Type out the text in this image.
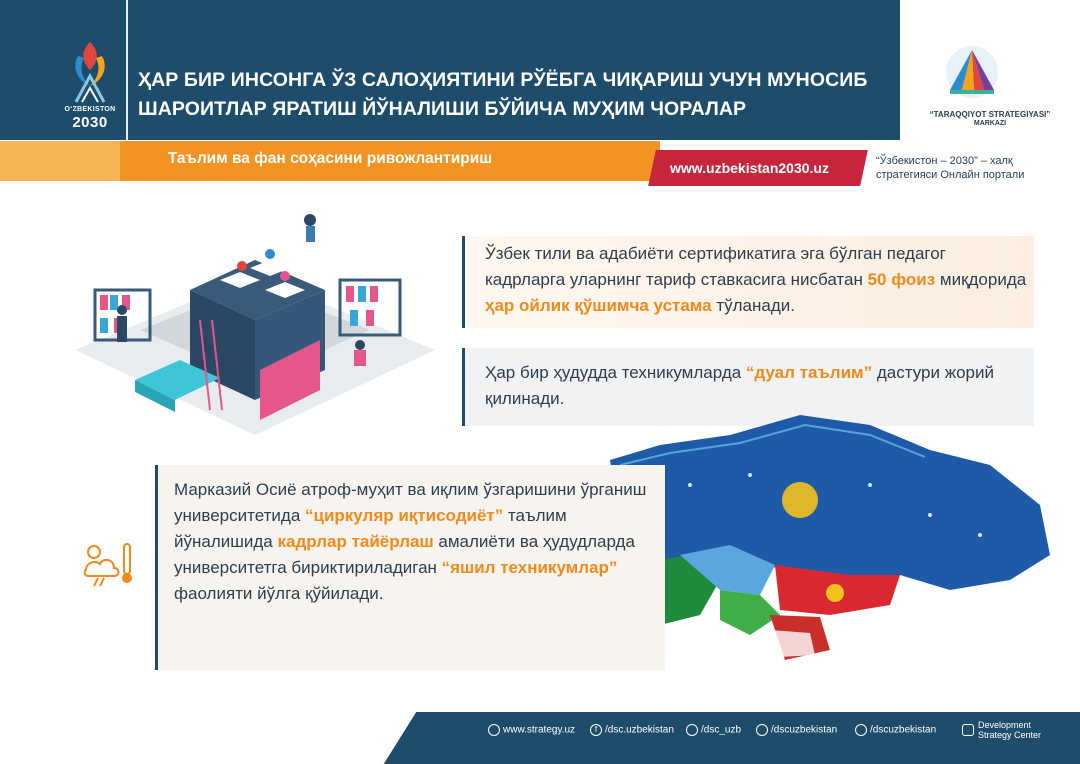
OʻZBEKISTON
2030
ҲАР БИР ИНСОНГА ЎЗ САЛОҲИЯТИНИ РЎЁБГА ЧИҚАРИШ УЧУН МУНОСИБ
ШАРОИТЛАР ЯРАТИШ ЙЎНАЛИШИ БЎЙИЧА МУҲИМ ЧОРАЛАР	“TARAQQIYOT STRATEGIYASI”
MARKAZI
Таълим ва фан соҳасини ривожлантириш
www.uzbekistan2030.uz	“Ўзбекистон – 2030” – халқ стратегияси Онлайн портали
Ўзбек тили ва адабиёти сертификатига эга бўлган педагог кадрларга уларнинг тариф ставкасига нисбатан 50 фоиз миқдорида ҳар ойлик қўшимча устама тўланади.
Ҳар бир ҳудудда техникумларда “дуал таълим” дастури жорий қилинади.
Марказий Осиё атроф-муҳит ва иқлим ўзгаришини ўрганиш университетида “циркуляр иқтисодиёт” таълим йўналишида кадрлар тайёрлаш амалиёти ва ҳудудларда университетга бириктириладиган “яшил техникумлар” фаолияти йўлга қўйилади.
www.strategy.uz	f /dsc.uzbekistan	/dsc_uzb	/dscuzbekistan	/dscuzbekistan	Development
Strategy Center
